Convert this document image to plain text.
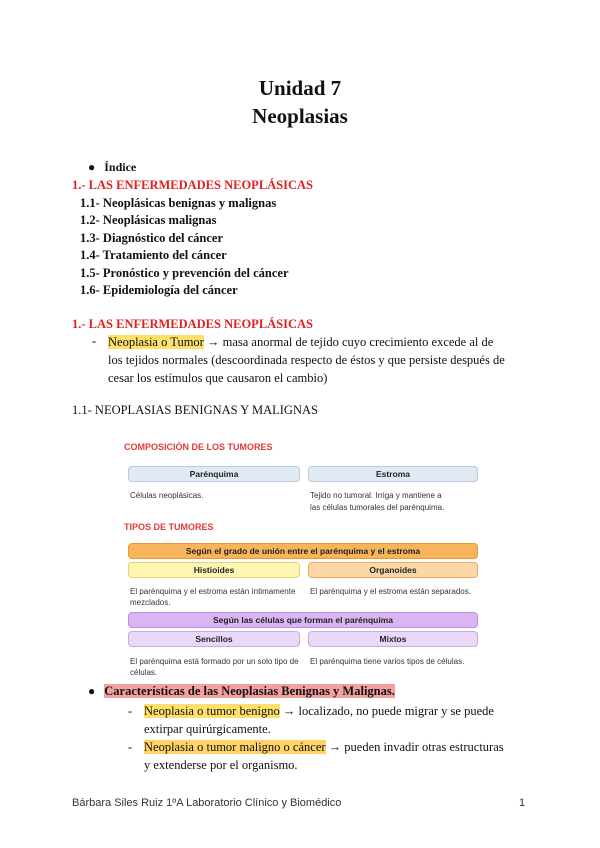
Unidad 7
Neoplasias
● Índice
1.- LAS ENFERMEDADES NEOPLÁSICAS
1.1- Neoplásicas benignas y malignas
1.2- Neoplásicas malignas
1.3- Diagnóstico del cáncer
1.4- Tratamiento del cáncer
1.5- Pronóstico y prevención del cáncer
1.6- Epidemiología del cáncer
1.- LAS ENFERMEDADES NEOPLÁSICAS
- Neoplasia o Tumor → masa anormal de tejido cuyo crecimiento excede al de
los tejidos normales (descoordinada respecto de éstos y que persiste después de
cesar los estímulos que causaron el cambio)
1.1- NEOPLASIAS BENIGNAS Y MALIGNAS
COMPOSICIÓN DE LOS TUMORES
Parénquima	Estroma
Células neoplásicas.	Tejido no tumoral. Irriga y mantiene a
las células tumorales del parénquima.
TIPOS DE TUMORES
Según el grado de unión entre el parénquima y el estroma
Histioides	Organoides
El parénquima y el estroma están íntimamente
mezclados.
El parénquima y el estroma están separados.
Según las células que forman el parénquima
Sencillos	Mixtos
El parénquima está formado por un solo tipo de
células.
El parénquima tiene varios tipos de células.
● Características de las Neoplasias Benignas y Malignas.
- Neoplasia o tumor benigno → localizado, no puede migrar y se puede
extirpar quirúrgicamente.
- Neoplasia o tumor maligno o cáncer → pueden invadir otras estructuras
y extenderse por el organismo.
Bárbara Siles Ruiz 1ºA Laboratorio Clínico y Biomédico	1
